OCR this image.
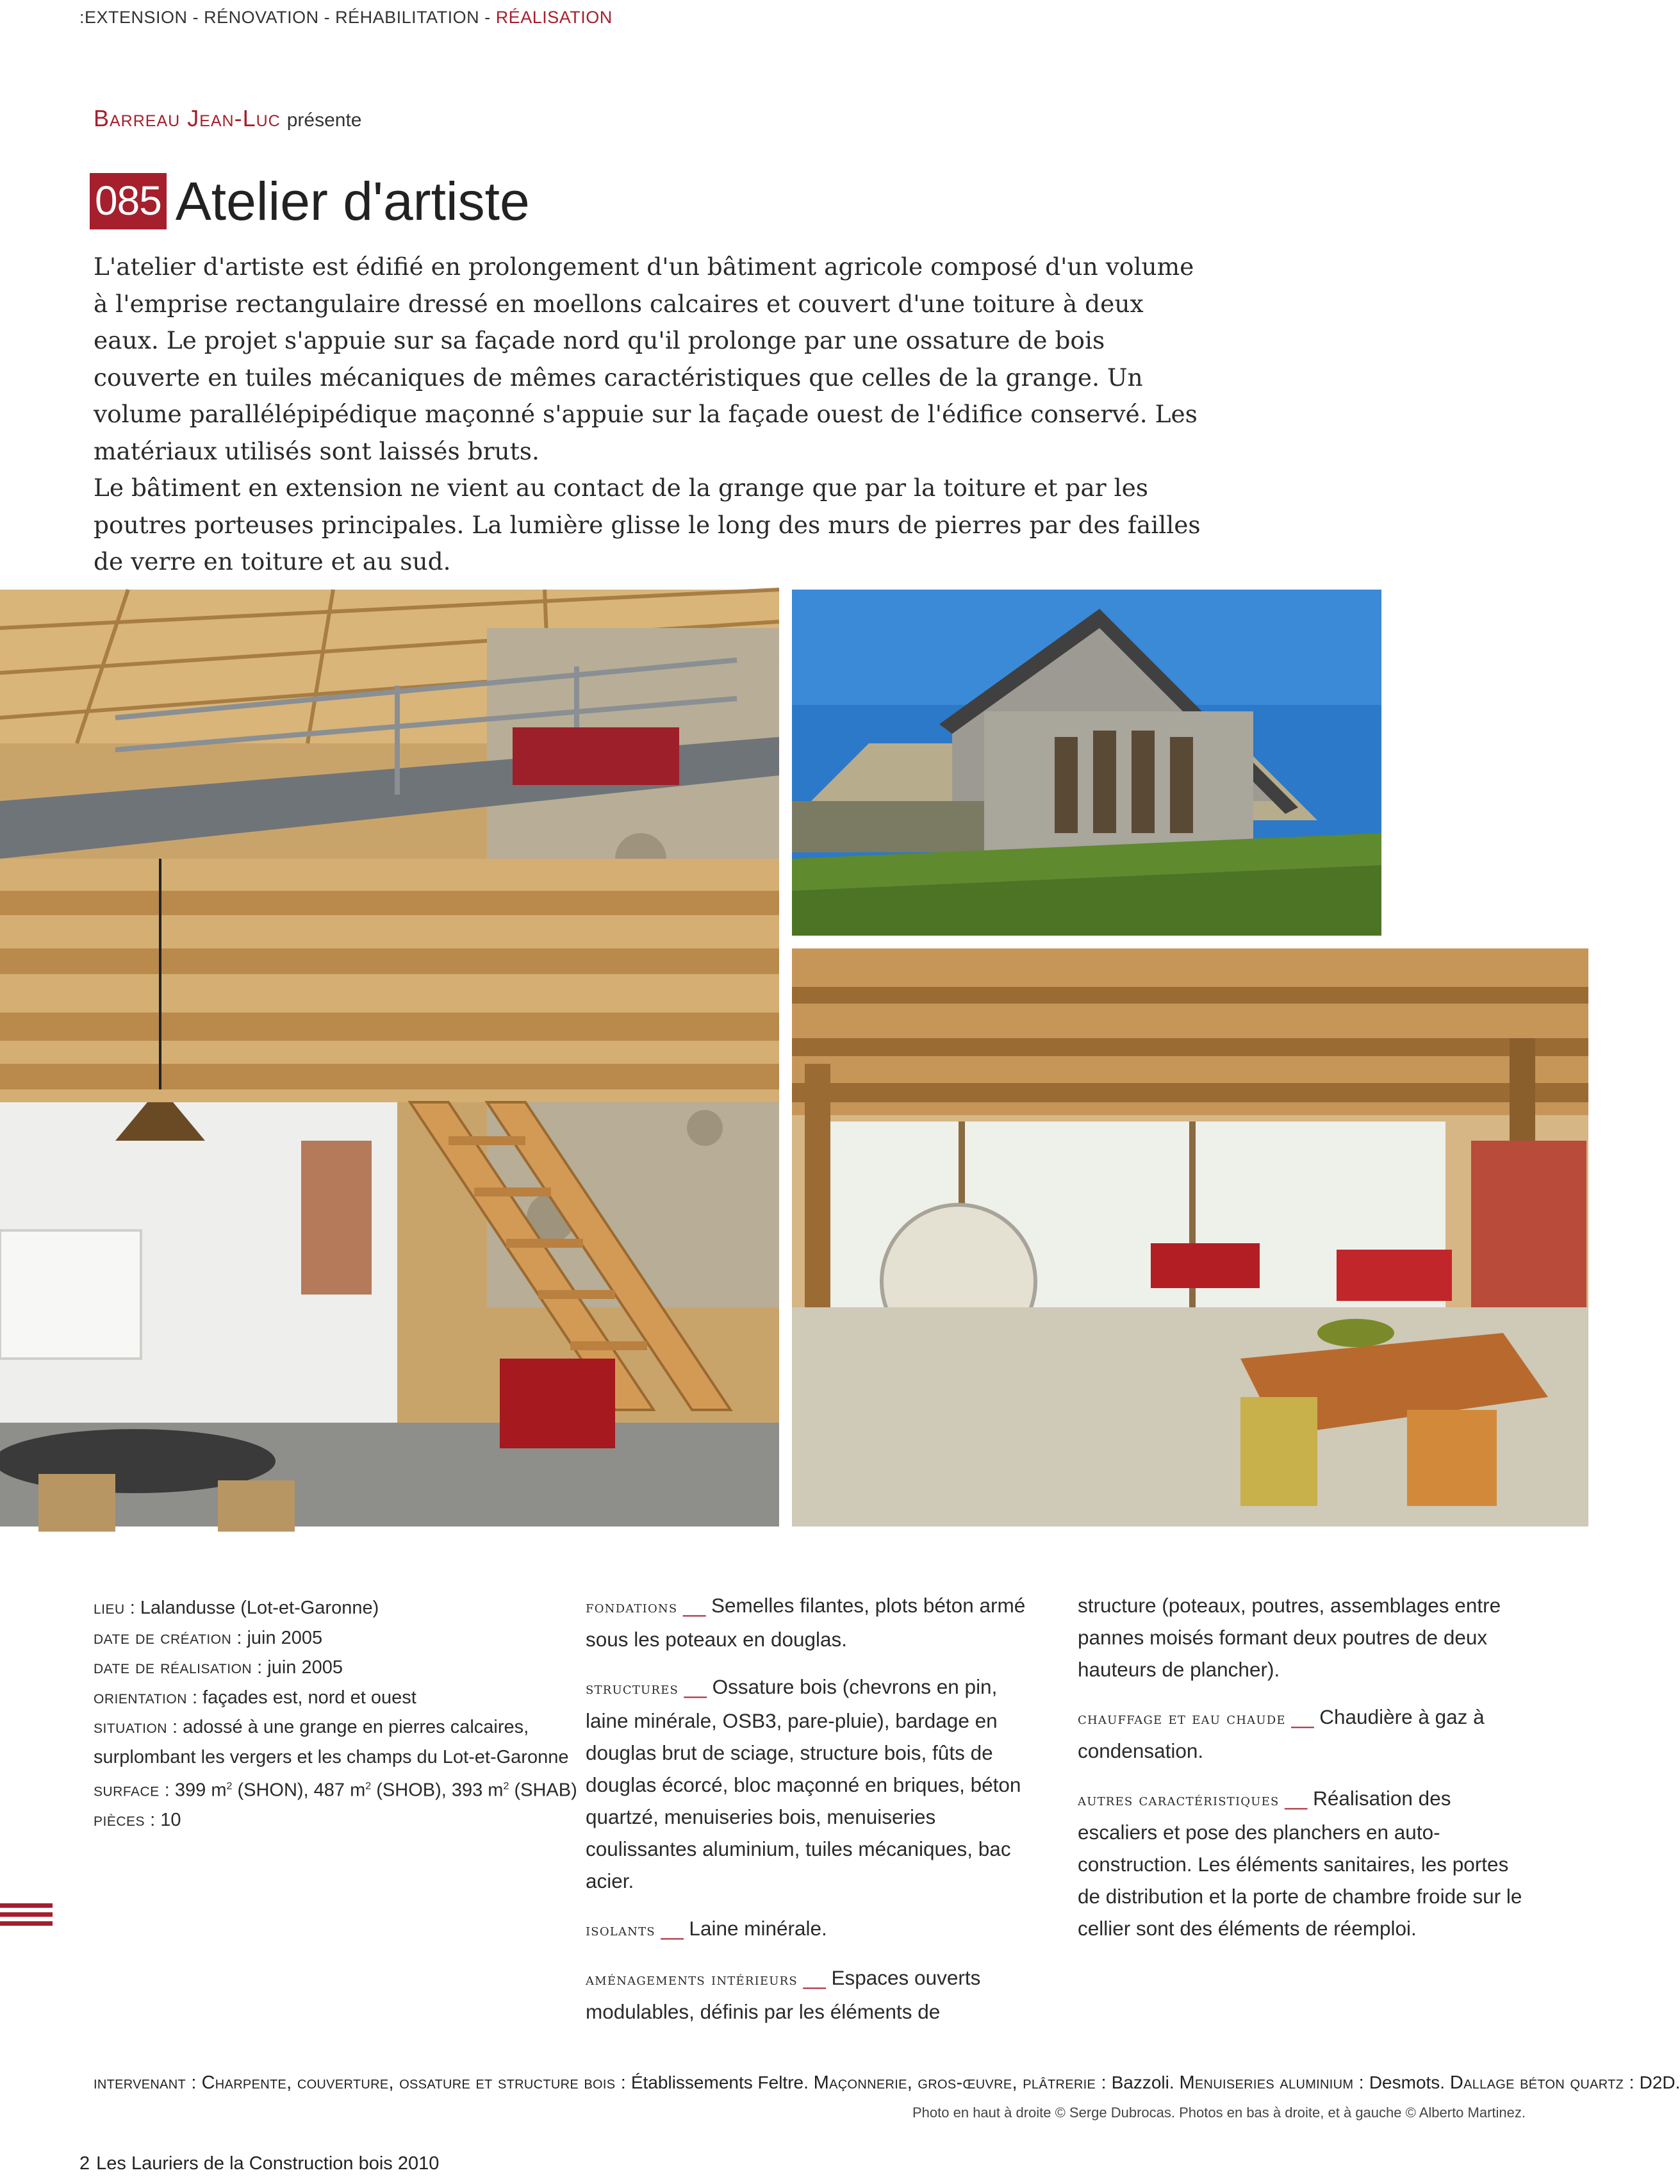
:EXTENSION - RÉNOVATION - RÉHABILITATION - RÉALISATION
Barreau Jean-Luc présente
085 Atelier d'artiste

L'atelier d'artiste est édifié en prolongement d'un bâtiment agricole composé d'un volume à l'emprise rectangulaire dressé en moellons calcaires et couvert d'une toiture à deux eaux. Le projet s'appuie sur sa façade nord qu'il prolonge par une ossature de bois couverte en tuiles mécaniques de mêmes caractéristiques que celles de la grange. Un volume parallélépipédique maçonné s'appuie sur la façade ouest de l'édifice conservé. Les matériaux utilisés sont laissés bruts.

Le bâtiment en extension ne vient au contact de la grange que par la toiture et par les poutres porteuses principales. La lumière glisse le long des murs de pierres par des failles de verre en toiture et au sud.

lieu : Lalandusse (Lot-et-Garonne)
date de création : juin 2005
date de réalisation : juin 2005
orientation : façades est, nord et ouest
situation : adossé à une grange en pierres calcaires,
surplombant les vergers et les champs du Lot-et-Garonne
surface : 399 $m^2$ (SHON), 487 $m^2$ (SHOB), 393 $m^2$ (SHAB)
pièces : 10
fondations __ Semelles filantes, plots béton armé sous les poteaux en douglas.
structures __ Ossature bois (chevrons en pin, laine minérale, OSB3, pare-pluie), bardage en douglas brut de sciage, structure bois, fûts de douglas écorcé, bloc maçonné en briques, béton quartzé, menuiseries bois, menuiseries coulissantes aluminium, tuiles mécaniques, bac acier.
isolants __ Laine minérale.
aménagements intérieurs __ Espaces ouverts modulables, définis par les éléments de
structure (poteaux, poutres, assemblages entre pannes moisés formant deux poutres de deux hauteurs de plancher).
chauffage et eau chaude __ Chaudière à gaz à condensation.
autres caractéristiques __ Réalisation des escaliers et pose des planchers en auto-construction. Les éléments sanitaires, les portes de distribution et la porte de chambre froide sur le cellier sont des éléments de réemploi.
intervenant : Charpente, couverture, ossature et structure bois : Établissements Feltre. Maçonnerie, gros-œuvre, plâtrerie : Bazzoli. Menuiseries aluminium : Desmots. Dallage béton quartz : D2D.
Photo en haut à droite © Serge Dubrocas. Photos en bas à droite, et à gauche © Alberto Martinez.
2 Les Lauriers de la Construction bois 2010
